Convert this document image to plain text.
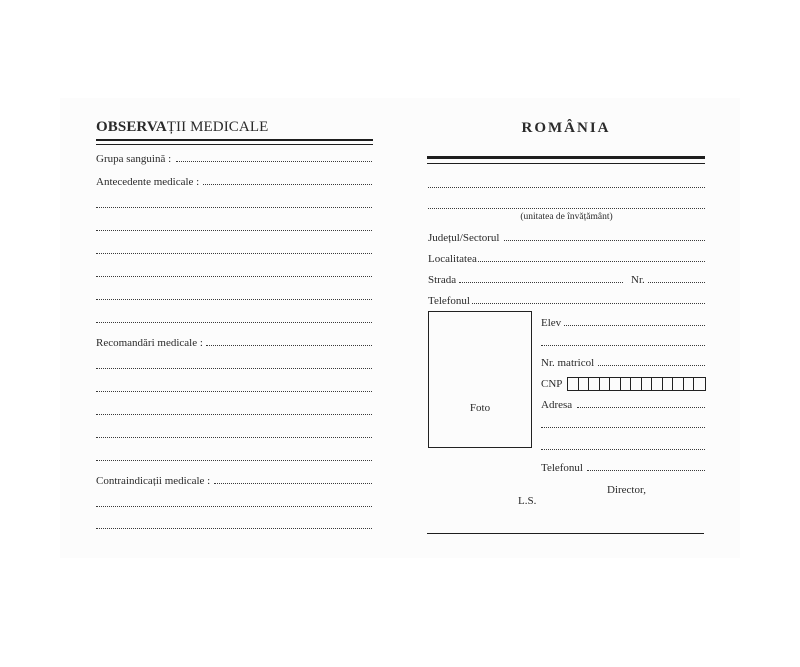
OBSERVAȚII MEDICALE
Grupa sanguină :
Antecedente medicale :
Recomandări medicale :
Contraindicații medicale :
ROMÂNIA
(unitatea de învățământ)
Județul/Sectorul
Localitatea
Strada	Nr.
Telefonul
Foto
Elev
Nr. matricol
CNP
Adresa
Telefonul
Director,
L.S.
